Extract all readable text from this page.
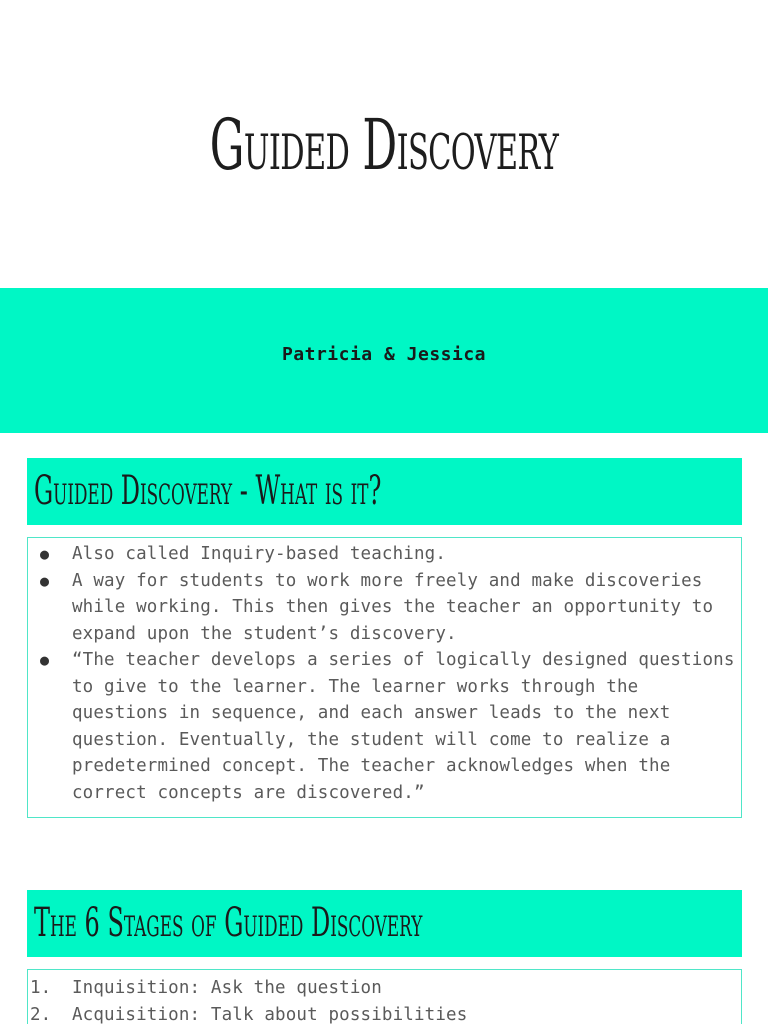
Guided Discovery
Patricia & Jessica
Guided Discovery - What is it?
● Also called Inquiry-based teaching.
● A way for students to work more freely and make discoveries while working. This then gives the teacher an opportunity to expand upon the student’s discovery.
● “The teacher develops a series of logically designed questions to give to the learner. The learner works through the questions in sequence, and each answer leads to the next question. Eventually, the student will come to realize a predetermined concept. The teacher acknowledges when the correct concepts are discovered.”
The 6 Stages of Guided Discovery
1. Inquisition: Ask the question
2. Acquisition: Talk about possibilities
